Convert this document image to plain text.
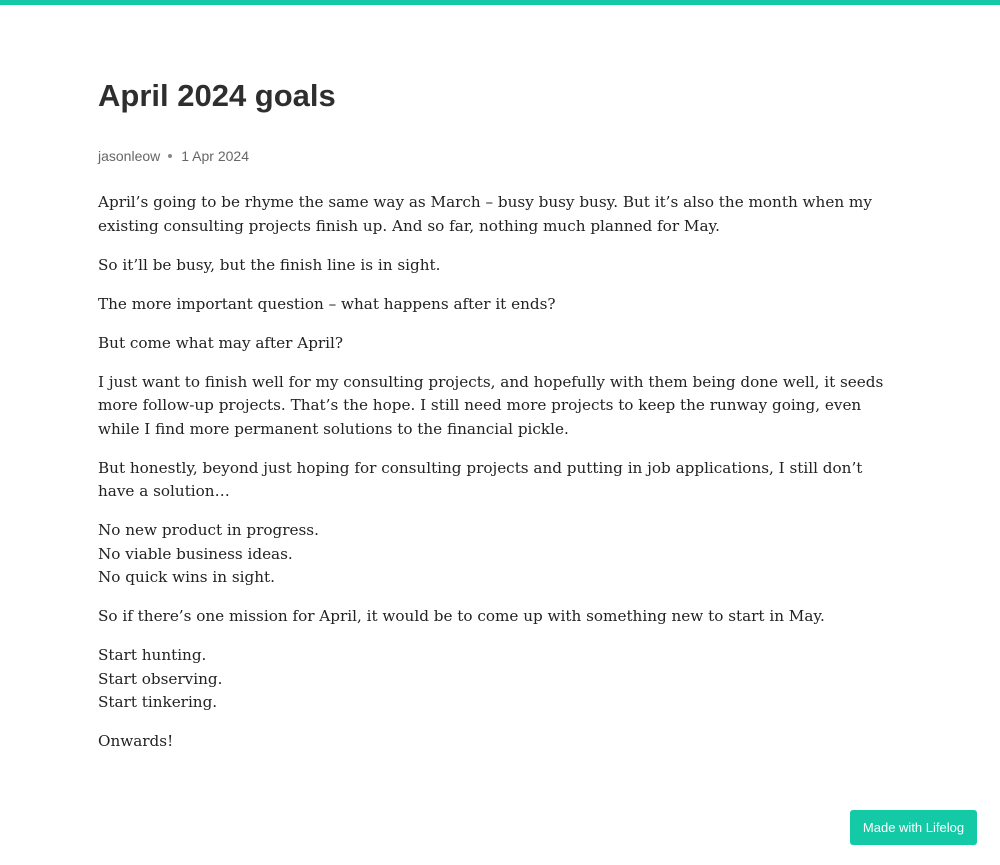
April 2024 goals
jasonleow 1 Apr 2024

April’s going to be rhyme the same way as March – busy busy busy. But it’s also the month when my existing consulting projects finish up. And so far, nothing much planned for May.

So it’ll be busy, but the finish line is in sight.

The more important question – what happens after it ends?

But come what may after April?

I just want to finish well for my consulting projects, and hopefully with them being done well, it seeds more follow-up projects. That’s the hope. I still need more projects to keep the runway going, even while I find more permanent solutions to the financial pickle.

But honestly, beyond just hoping for consulting projects and putting in job applications, I still don’t have a solution…

No new product in progress.
No viable business ideas.
No quick wins in sight.

So if there’s one mission for April, it would be to come up with something new to start in May.

Start hunting.
Start observing.
Start tinkering.

Onwards!

Made with Lifelog
